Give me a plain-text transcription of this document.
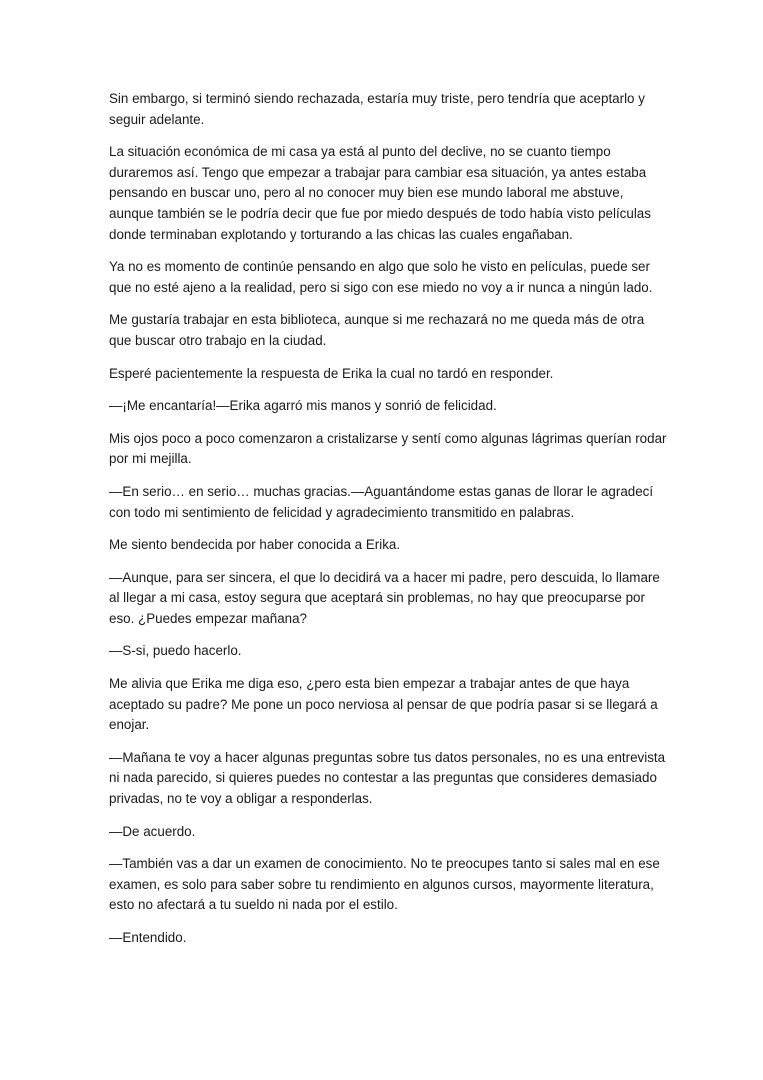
Sin embargo, si terminó siendo rechazada, estaría muy triste, pero tendría que aceptarlo y seguir adelante.

La situación económica de mi casa ya está al punto del declive, no se cuanto tiempo duraremos así. Tengo que empezar a trabajar para cambiar esa situación, ya antes estaba pensando en buscar uno, pero al no conocer muy bien ese mundo laboral me abstuve, aunque también se le podría decir que fue por miedo después de todo había visto películas donde terminaban explotando y torturando a las chicas las cuales engañaban.

Ya no es momento de continúe pensando en algo que solo he visto en películas, puede ser que no esté ajeno a la realidad, pero si sigo con ese miedo no voy a ir nunca a ningún lado.

Me gustaría trabajar en esta biblioteca, aunque si me rechazará no me queda más de otra que buscar otro trabajo en la ciudad.

Esperé pacientemente la respuesta de Erika la cual no tardó en responder.

—¡Me encantaría!—Erika agarró mis manos y sonrió de felicidad.

Mis ojos poco a poco comenzaron a cristalizarse y sentí como algunas lágrimas querían rodar por mi mejilla.

—En serio… en serio… muchas gracias.—Aguantándome estas ganas de llorar le agradecí con todo mi sentimiento de felicidad y agradecimiento transmitido en palabras.

Me siento bendecida por haber conocida a Erika.

—Aunque, para ser sincera, el que lo decidirá va a hacer mi padre, pero descuida, lo llamare al llegar a mi casa, estoy segura que aceptará sin problemas, no hay que preocuparse por eso. ¿Puedes empezar mañana?

—S-si, puedo hacerlo.

Me alivia que Erika me diga eso, ¿pero esta bien empezar a trabajar antes de que haya aceptado su padre? Me pone un poco nerviosa al pensar de que podría pasar si se llegará a enojar.

—Mañana te voy a hacer algunas preguntas sobre tus datos personales, no es una entrevista ni nada parecido, si quieres puedes no contestar a las preguntas que consideres demasiado privadas, no te voy a obligar a responderlas.

—De acuerdo.

—También vas a dar un examen de conocimiento. No te preocupes tanto si sales mal en ese examen, es solo para saber sobre tu rendimiento en algunos cursos, mayormente literatura, esto no afectará a tu sueldo ni nada por el estilo.

—Entendido.
